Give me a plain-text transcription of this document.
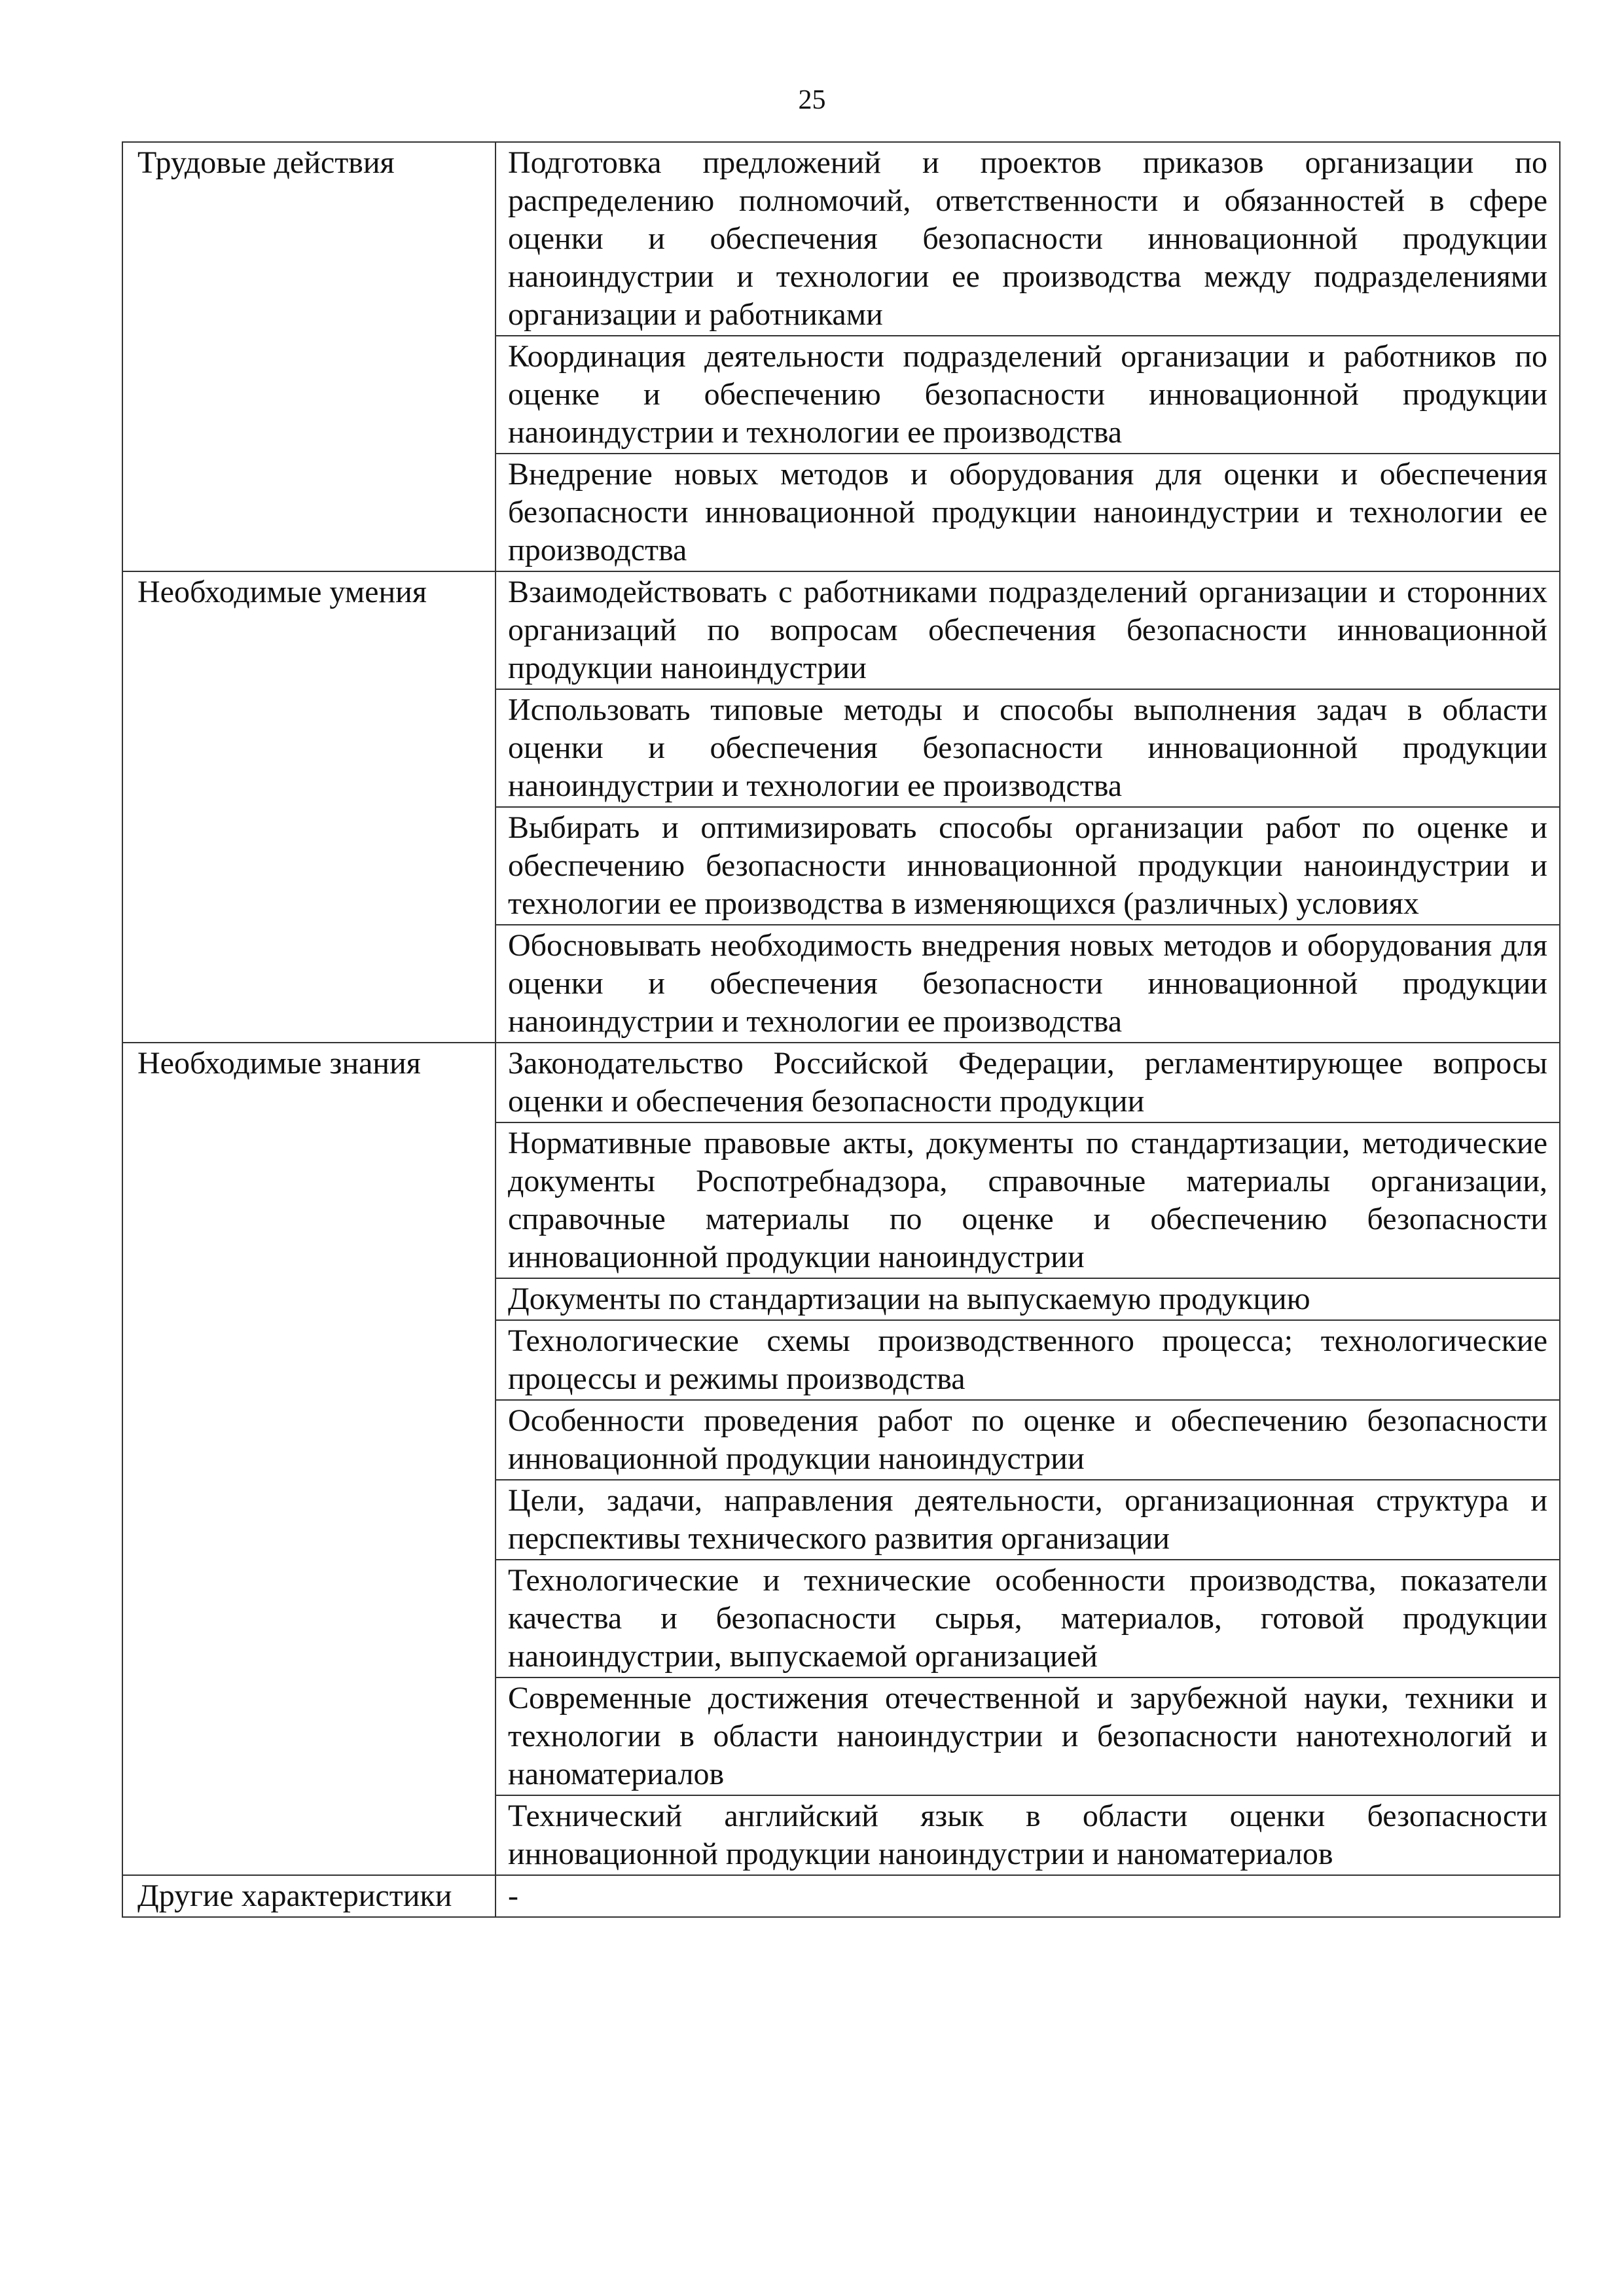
25
Трудовые действия	Подготовка предложений и проектов приказов организации по распределению полномочий, ответственности и обязанностей в сфере оценки и обеспечения безопасности инновационной продукции наноиндустрии и технологии ее производства между подразделениями организации и работниками
	Координация деятельности подразделений организации и работников по оценке и обеспечению безопасности инновационной продукции наноиндустрии и технологии ее производства
	Внедрение новых методов и оборудования для оценки и обеспечения безопасности инновационной продукции наноиндустрии и технологии ее производства
Необходимые умения	Взаимодействовать с работниками подразделений организации и сторонних организаций по вопросам обеспечения безопасности инновационной продукции наноиндустрии
	Использовать типовые методы и способы выполнения задач в области оценки и обеспечения безопасности инновационной продукции наноиндустрии и технологии ее производства
	Выбирать и оптимизировать способы организации работ по оценке и обеспечению безопасности инновационной продукции наноиндустрии и технологии ее производства в изменяющихся (различных) условиях
	Обосновывать необходимость внедрения новых методов и оборудования для оценки и обеспечения безопасности инновационной продукции наноиндустрии и технологии ее производства
Необходимые знания	Законодательство Российской Федерации, регламентирующее вопросы оценки и обеспечения безопасности продукции
	Нормативные правовые акты, документы по стандартизации, методические документы Роспотребнадзора, справочные материалы организации, справочные материалы по оценке и обеспечению безопасности инновационной продукции наноиндустрии
	Документы по стандартизации на выпускаемую продукцию
	Технологические схемы производственного процесса; технологические процессы и режимы производства
	Особенности проведения работ по оценке и обеспечению безопасности инновационной продукции наноиндустрии
	Цели, задачи, направления деятельности, организационная структура и перспективы технического развития организации
	Технологические и технические особенности производства, показатели качества и безопасности сырья, материалов, готовой продукции наноиндустрии, выпускаемой организацией
	Современные достижения отечественной и зарубежной науки, техники и технологии в области наноиндустрии и безопасности нанотехнологий и наноматериалов
	Технический английский язык в области оценки безопасности инновационной продукции наноиндустрии и наноматериалов
Другие характеристики	-
